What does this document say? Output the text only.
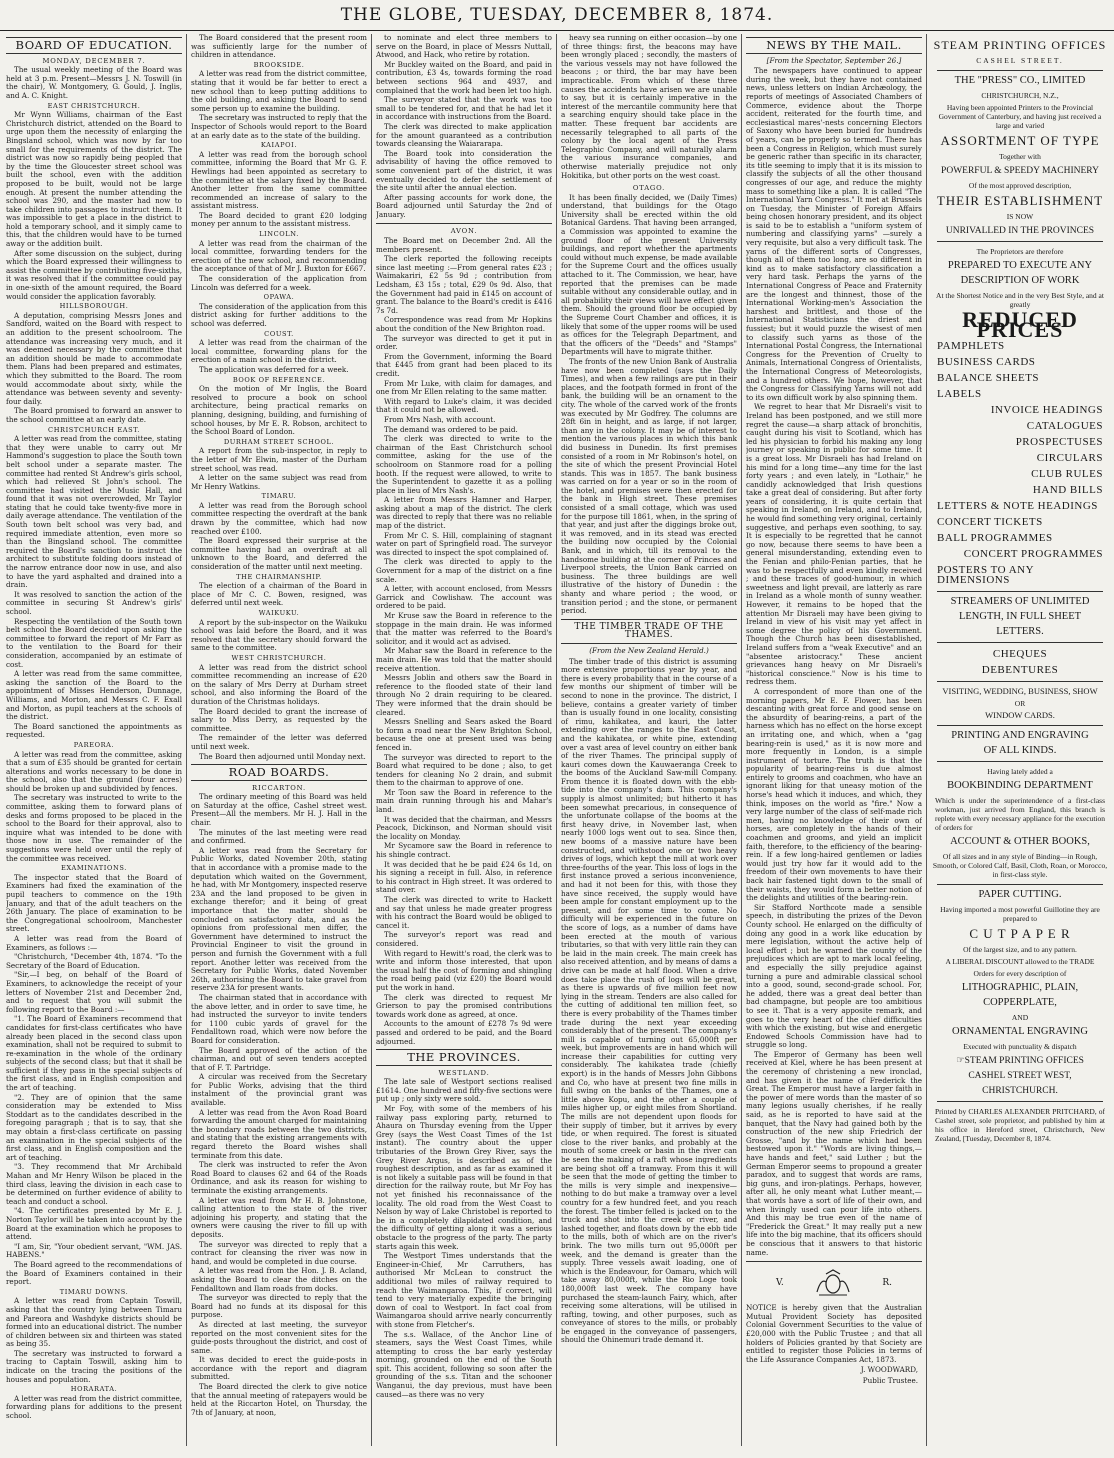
THE GLOBE, TUESDAY, DECEMBER 8, 1874.
BOARD OF EDUCATION.
MONDAY, DECEMBER 7.

The usual weekly meeting of the Board was held at 3 p.m. Present—Messrs J. N. Toswill (in the chair), W. Montgomery, G. Gould, J. Inglis, and A. C. Knight.

EAST CHRISTCHURCH.

Mr Wynn Williams, chairman of the East Christchurch district, attended on the Board to urge upon them the necessity of enlarging the Bingsland school, which was now by far too small for the requirements of the district. The district was now so rapidly being peopled that by the time the Gloucester street school was built the school, even with the addition proposed to be built, would not be large enough. At present the number attending the school was 290, and the master had now to take children into passages to instruct them. It was impossible to get a place in the district to hold a temporary school, and it simply came to this, that the children would have to be turned away or the addition built.

After some discussion on the subject, during which the Board expressed their willingness to assist the committee by contributing five-sixths, it was resolved that if the committee could pay in one-sixth of the amount required, the Board would consider the application favorably.

HILLSBOROUGH.

A deputation, comprising Messrs Jones and Sandford, waited on the Board with respect to an addition to the present schoolroom. The attendance was increasing very much, and it was deemed necessary by the committee that an addition should be made to accommodate them. Plans had been prepared and estimates, which they submitted to the Board. The room would accommodate about sixty, while the attendance was between seventy and seventy-four daily.

The Board promised to forward an answer to the school committee at an early date.

CHRISTCHURCH EAST.

A letter was read from the committee, stating that they were unable to carry out Mr Hammond's suggestion to place the South town belt school under a separate master. The committee had rented St Andrew's girls school, which had relieved St John's school. The committee had visited the Music Hall, and found that it was not overcrowded, Mr Taylor stating that he could take twenty-five more in daily average attendance. The ventilation of the South town belt school was very bad, and required immediate attention, even more so than the Bingsland school. The committee required the Board's sanction to instruct the architect to substitute folding doors instead of the narrow entrance door now in use, and also to have the yard asphalted and drained into a drain.

It was resolved to sanction the action of the committee in securing St Andrew's girls' school.

Respecting the ventilation of the South town belt school the Board decided upon asking the committee to forward the report of Mr Farr as to the ventilation to the Board for their consideration, accompanied by an estimate of cost.

A letter was read from the same committee, asking the sanction of the Board to the appointment of Misses Henderson, Dunnage, Williams, and Morton, and Messrs C. F. Exall and Morton, as pupil teachers at the schools of the district.

The Board sanctioned the appointments as requested.

PAREORA.

A letter was read from the committee, asking that a sum of £35 should be granted for certain alterations and works necessary to be done in the school, also that the ground (four acres) should be broken up and subdivided by fences.

The secretary was instructed to write to the committee, asking them to forward plans of desks and forms proposed to be placed in the school to the Board for their approval, also to inquire what was intended to be done with those now in use. The remainder of the suggestions were held over until the reply of the committee was received.

EXAMINATIONS.

The inspector stated that the Board of Examiners had fixed the examination of the pupil teachers to commence on the 19th January, and that of the adult teachers on the 26th January. The place of examination to be the Congregational schoolroom, Manchester street.

A letter was read from the Board of Examiners, as follows :—

"Christchurch, "December 4th, 1874. "To the Secretary of the Board of Education.

"Sir,—I beg, on behalf of the Board of Examiners, to acknowledge the receipt of your letters of November 21st and December 2nd, and to request that you will submit the following report to the Board :—

"1. The Board of Examiners recommend that candidates for first-class certificates who have already been placed in the second class upon examination, shall not be required to submit to re-examination in the whole of the ordinary subjects of the second class; but that it shall be sufficient if they pass in the special subjects of the first class, and in English composition and the art of teaching.

"2. They are of opinion that the same consideration may be extended to Miss Stoddart as to the candidates described in the foregoing paragraph ; that is to say, that she may obtain a first-class certificate on passing an examination in the special subjects of the first class, and in English composition and the art of teaching.

"3. They recommend that Mr Archibald Mahan and Mr Henry Wilson be placed in the third class, leaving the division in each case to be determined on further evidence of ability to teach and conduct a school.

"4. The certificates presented by Mr E. J. Norton Taylor will be taken into account by the Board at the examination which he proposes to attend.

"I am, Sir, "Your obedient servant, "WM. JAS. HABENS."

The Board agreed to the recommendations of the Board of Examiners contained in their report.

TIMARU DOWNS.

A letter was read from Captain Toswill, asking that the country lying between Timaru and Pareora and Washdyke districts should be formed into an educational district. The number of children between six and thirteen was stated as being 35.

The secretary was instructed to forward a tracing to Captain Toswill, asking him to indicate on the tracing the positions of the houses and population.

HORARATA.

A letter was read from the district committee, forwarding plans for additions to the present school.

The Board considered that the present room was sufficiently large for the number of children in attendance.

BROOKSIDE.

A letter was read from the district committee, stating that it would be far better to erect a new school than to keep putting additions to the old building, and asking the Board to send some person up to examine the building.

The secretary was instructed to reply that the Inspector of Schools would report to the Board at an early date as to the state of the building.

KAIAPOI.

A letter was read from the borough school committee, informing the Board that Mr G. F. Hewlings had been appointed as secretary to the committee at the salary fixed by the Board. Another letter from the same committee recommended an increase of salary to the assistant mistress.

The Board decided to grant £20 lodging money per annum to the assistant mistress.

LINCOLN.

A letter was read from the chairman of the local committee, forwarding tenders for the erection of the new school, and recommending the acceptance of that of Mr J. Buxton for £667.

The consideration of the application from Lincoln was deferred for a week.

OPAWA.

The consideration of the application from this district asking for further additions to the school was deferred.

COUST.

A letter was read from the chairman of the local committee, forwarding plans for the erection of a main school in the district.

The application was deferred for a week.

BOOK OF REFERENCE.

On the motion of Mr Inglis, the Board resolved to procure a book on school architecture, being practical remarks on planning, designing, building, and furnishing of school houses, by Mr E. R. Robson, architect to the School Board of London.

DURHAM STREET SCHOOL.

A report from the sub-inspector, in reply to the letter of Mr Elwin, master of the Durham street school, was read.

A letter on the same subject was read from Mr Henry Watkins.

TIMARU.

A letter was read from the Borough school committee respecting the overdraft at the bank drawn by the committee, which had now reached over £100.

The Board expressed their surprise at the committee having had an overdraft at all unknown to the Board, and deferred the consideration of the matter until next meeting.

THE CHAIRMANSHIP.

The election of a chairman of the Board in place of Mr C. C. Bowen, resigned, was deferred until next week.

WAIKUKU.

A report by the sub-inspector on the Waikuku school was laid before the Board, and it was resolved that the secretary should forward the same to the committee.

WEST CHRISTCHURCH.

A letter was read from the district school committee recommending an increase of £20 on the salary of Mrs Derry at Durham street school, and also informing the Board of the duration of the Christmas holidays.

The Board decided to grant the increase of salary to Miss Derry, as requested by the committee.

The remainder of the letter was deferred until next week.

The Board then adjourned until Monday next.

ROAD BOARDS.
RICCARTON.

The ordinary meeting of this Board was held on Saturday at the office, Cashel street west. Present—All the members. Mr H. J. Hall in the chair.

The minutes of the last meeting were read and confirmed.

A letter was read from the Secretary for Public Works, dated November 20th, stating that in accordance with a promise made to the deputation which waited on the Government, he had, with Mr Montgomery, inspected reserve 23A and the land proposed to be given in exchange therefor; and it being of great importance that the matter should be concluded on satisfactory data, and as the opinions from professional men differ, the Government have determined to instruct the Provincial Engineer to visit the ground in person and furnish the Government with a full report. Another letter was received from the Secretary for Public Works, dated November 26th, authorising the Board to take gravel from reserve 23A for present wants.

The chairman stated that in accordance with the above letter, and in order to save time, he had instructed the surveyor to invite tenders for 1100 cubic yards of gravel for the Fendalltown road, which were now before the Board for consideration.

The Board approved of the action of the chairman, and out of seven tenders accepted that of F. T. Partridge.

A circular was received from the Secretary for Public Works, advising that the third instalment of the provincial grant was available.

A letter was read from the Avon Road Board forwarding the amount charged for maintaining the boundary roads between the two districts, and stating that the existing arrangements with regard thereto the Board wishes shall terminate from this date.

The clerk was instructed to refer the Avon Road Board to clauses 62 and 64 of the Roads Ordinance, and ask its reason for wishing to terminate the existing arrangements.

A letter was read from Mr H. B. Johnstone, calling attention to the state of the river adjoining his property, and stating that the owners were causing the river to fill up with deposits.

The surveyor was directed to reply that a contract for cleansing the river was now in hand, and would be completed in due course.

A letter was read from the Hon. J. B. Acland, asking the Board to clear the ditches on the Fendalltown and Ilam roads from docks.

The surveyor was directed to reply that the Board had no funds at its disposal for this purpose.

As directed at last meeting, the surveyor reported on the most convenient sites for the guide-posts throughout the district, and cost of same.

It was decided to erect the guide-posts in accordance with the report and diagram submitted.

The Board directed the clerk to give notice that the annual meeting of ratepayers would be held at the Riccarton Hotel, on Thursday, the 7th of January, at noon,

to nominate and elect three members to serve on the Board, in place of Messrs Nuttall, Atwood, and Hack, who retire by rotation.

Mr Buckley waited on the Board, and paid in contribution, £3 4s, towards forming the road between sections 964 and 4937, and complained that the work had been let too high.

The surveyor stated that the work was too small to be tendered for, and that he had let it in accordance with instructions from the Board.

The clerk was directed to make application for the amount guaranteed as a contribution towards cleansing the Waiararapa.

The Board took into consideration the advisability of having the office removed to some convenient part of the district, it was eventually decided to defer the settlement of the site until after the annual election.

After passing accounts for work done, the Board adjourned until Saturday the 2nd of January.

AVON.

The Board met on December 2nd. All the members present.

The clerk reported the following receipts since last meeting :—From general rates £23 ; Waimakariri, £2 5s 9d ; contribution from Ledsham, £3 15s ; total, £29 0s 9d. Also, that the Government had paid in £145 on account of grant. The balance to the Board's credit is £416 7s 7d.

Correspondence was read from Mr Hopkins about the condition of the New Brighton road.

The surveyor was directed to get it put in order.

From the Government, informing the Board that £445 from grant had been placed to its credit.

From Mr Luke, with claim for damages, and one from Mr Ellen relating to the same matter.

With regard to Luke's claim, it was decided that it could not be allowed.

From Mrs Nash, with account.

The demand was ordered to be paid.

The clerk was directed to write to the chairman of the East Christchurch school committee, asking for the use of the schoolroom on Stanmore road for a polling booth. If the request were allowed, to write to the Superintendent to gazette it as a polling place in lieu of Mrs Nash's.

A letter from Messrs Hamner and Harper, asking about a map of the district. The clerk was directed to reply that there was no reliable map of the district.

From Mr C. S. Hill, complaining of stagnant water on part of Springfield road. The surveyor was directed to inspect the spot complained of.

The clerk was directed to apply to the Government for a map of the district on a fine scale.

A letter, with account enclosed, from Messrs Garrick and Cowlishaw. The account was ordered to be paid.

Mr Kruse saw the Board in reference to the stoppage in the main drain. He was informed that the matter was referred to the Board's solicitor, and it would act as advised.

Mr Mahar saw the Board in reference to the main drain. He was told that the matter should receive attention.

Messrs Joblin and others saw the Board in reference to the flooded state of their land through No 2 drain requiring to be cleared. They were informed that the drain should be cleared.

Messrs Snelling and Sears asked the Board to form a road near the New Brighton School, because the one at present used was being fenced in.

The surveyor was directed to report to the Board what required to be done ; also, to get tenders for cleaning No 2 drain, and submit them to the chairman to approve of one.

Mr Toon saw the Board in reference to the main drain running through his and Mahar's land.

It was decided that the chairman, and Messrs Peacock, Dickinson, and Norman should visit the locality on Monday.

Mr Sycamore saw the Board in reference to his shingle contract.

It was decided that he be paid £24 6s 1d, on his signing a receipt in full. Also, in reference to his contract in High street. It was ordered to stand over.

The clerk was directed to write to Hackett and say that unless he made greater progress with his contract the Board would be obliged to cancel it.

The surveyor's report was read and considered.

With regard to Hewitt's road, the clerk was to write and inform those interested, that upon the usual half the cost of forming and shingling the road being paid (viz £20) the Board would put the work in hand.

The clerk was directed to request Mr Grierson to pay the promised contributions towards work done as agreed, at once.

Accounts to the amount of £278 7s 9d were passed and ordered to be paid, and the Board adjourned.

THE PROVINCES.
WESTLAND.

The late sale of Westport sections realised £1614. One hundred and fifty-five sections were put up ; only sixty were sold.

Mr Foy, with some of the members of his railway pass exploring party, returned to Ahaura on Thursday evening from the Upper Grey (says the West Coast Times of the 1st instant). The country about the upper tributaries of the Brown Grey River, says the Grey River Argus, is described as of the roughest description, and as far as examined it is not likely a suitable pass will be found in that direction for the railway route, but Mr Foy has not yet finished his reconnaissance of the locality. The old road from the West Coast to Nelson by way of Lake Christobel is reported to be in a completely dilapidated condition, and the difficulty of getting along it was a serious obstacle to the progress of the party. The party starts again this week.

The Westport Times understands that the Engineer-in-Chief, Mr Carruthers, has authorised Mr McLean to construct the additional two miles of railway required to reach the Waimangaroa. This, if correct, will tend to very materially expedite the bringing down of coal to Westport. In fact coal from Waimangaroa should arrive nearly concurrently with stone from Fletcher's.

The s.s. Wallace, of the Anchor Line of steamers, says the West Coast Times, while attempting to cross the bar early yesterday morning, grounded on the end of the South spit. This accident, following so soon after the grounding of the s.s. Titan and the schooner Wanganui, the day previous, must have been caused—as there was no very

heavy sea running on either occasion—by one of three things: first, the beacons may have been wrongly placed ; secondly, the masters of the various vessels may not have followed the beacons ; or third, the bar may have been impracticable. From which of these three causes the accidents have arisen we are unable to say, but it is certainly imperative in the interest of the mercantile community here that a searching enquiry should take place in the matter. These frequent bar accidents are necessarily telegraphed to all parts of the colony by the local agent of the Press Telegraphic Company, and will naturally alarm the various insurance companies, and otherwise materially prejudice not only Hokitika, but other ports on the west coast.

OTAGO.

It has been finally decided, we (Daily Times) understand, that buildings for the Otago University shall be erected within the old Botanical Gardens. That having been arranged, a Commission was appointed to examine the ground floor of the present University buildings, and report whether the apartments could without much expense, be made available for the Supreme Court and the offices usually attached to it. The Commission, we hear, have reported that the premises can be made suitable without any considerable outlay, and in all probability their views will have effect given them. Should the ground floor be occupied by the Supreme Court Chamber and offices, it is likely that some of the upper rooms will be used as offices for the Telegraph Department, and that the officers of the "Deeds" and "Stamps" Departments will have to migrate thither.

The fronts of the new Union Bank of Australia have now been completed (says the Daily Times), and when a few railings are put in their places, and the footpath formed in front of the bank, the building will be an ornament to the city. The whole of the carved work of the fronts was executed by Mr Godfrey. The columns are 28ft 6in in height, and as large, if not larger, than any in the colony. It may be of interest to mention the various places in which this bank did business in Dunedin. Its first premises consisted of a room in Mr Robinson's hotel, on the site of which the present Provincial Hotel stands. This was in 1857. The bank business was carried on for a year or so in the room of the hotel, and premises were then erected for the bank in High street. These premises consisted of a small cottage, which was used for the purpose till 1861, when, in the spring of that year, and just after the diggings broke out, it was removed, and in its stead was erected the building now occupied by the Colonial Bank, and in which, till its removal to the handsome building at the corner of Princes and Liverpool streets, the Union Bank carried on business. The three buildings are well illustrative of the history of Dunedin : the shanty and whare period ; the wood, or transition period ; and the stone, or permanent period.

THE TIMBER TRADE OF THE THAMES.
(From the New Zealand Herald.)

The timber trade of this district is assuming more extensive proportions year by year, and there is every probability that in the course of a few months our shipment of timber will be second to none in the province. The district, I believe, contains a greater variety of timber than is usually found in one locality, consisting of rimu, kahikatea, and kauri, the latter extending over the ranges to the East Coast, and the kahikatea, or white pine, extending over a vast area of level country on either bank of the river Thames. The principal supply of kauri comes down the Kauwaeranga Creek to the booms of the Auckland Saw-mill Company. From thence it is floated down with the ebb-tide into the company's dam. This company's supply is almost unlimited; but hitherto it has been somewhat precarious, in consequence of the unfortunate collapse of the booms at the first heavy drive, in November last, when nearly 1000 logs went out to sea. Since then, new booms of a massive nature have been constructed, and withstood one or two heavy drives of logs, which kept the mill at work over three-fourths of the year. This loss of logs in the first instance proved a serious inconvenience, and had it not been for this, with those they have since received, the supply would have been ample for constant employment up to the present, and for some time to come. No difficulty will be experienced in the future on the score of logs, as a number of dams have been erected at the mouth of various tributaries, so that with very little rain they can be laid in the main creek. The main creek has also received attention, and by means of dams a drive can be made at half flood. When a drive does take place the rush of logs will be great, as there is upwards of five million feet now lying in the stream. Tenders are also called for the cutting of additional ten million feet, so there is every probability of the Thames timber trade during the next year exceeding considerably that of the present. The company's mill is capable of turning out 65,000ft per week, but improvements are in hand which will increase their capabilities for cutting very considerably. The kahikatea trade (chiefly export) is in the hands of Messrs John Gibbons and Co, who have at present two fine mills in full swing on the banks of the Thames, one a little above Kopu, and the other a couple of miles higher up, or eight miles from Shortland. The mills are not dependent upon floods for their supply of timber, but it arrives by every tide, or when required. The forest is situated close to the river banks, and probably at the mouth of some creek or basin in the river can be seen the making of a raft whose ingredients are being shot off a tramway. From this it will be seen that the mode of getting the timber to the mills is very simple and inexpensive—nothing to do but make a tramway over a level country for a few hundred feet, and you reach the forest. The timber felled is jacked on to the truck and shot into the creek or river, and lashed together, and floats down by the ebb tide to the mills, both of which are on the river's brink. The two mills turn out 95,000ft per week, and the demand is greater than the supply. Three vessels await loading, one of which is the Endeavour, for Oamaru, which will take away 80,000ft, while the Rio Loge took 180,000ft last week. The company have purchased the steam-launch Fairy, which, after receiving some alterations, will be utilised in rafting, towing, and other purposes, such as conveyance of stores to the mills, or probably be engaged in the conveyance of passengers, should the Ohinemuri trade demand it.

NEWS BY THE MAIL.
[From the Spectator, September 26.]

The newspapers have continued to appear during the week, but they have not contained news, unless letters on Indian Archæology, the reports of meetings of Associated Chambers of Commerce, evidence about the Thorpe accident, reiterated for the fourth time, and ecclesiastical mares'-nests concerning Electors of Saxony who have been buried for hundreds of years, can be properly so termed. There has been a Congress in Religion, which must surely be generic rather than specific in its character, its title seeming to imply that it is its mission to classify the subjects of all the other thousand congresses of our age, and reduce the mighty mass to something like a plan. It is called "The International Yarn Congress." It met at Brussels on Tuesday, the Minister of Foreign Affairs being chosen honorary president, and its object is said to be to establish a "uniform system of numbering and classifying yarns" —surely a very requisite, but also a very difficult task. The yarns of the different sorts of Congresses, though all of them too long, are so different in kind as to make satisfactory classification a very hard task. Perhaps the yarns of the International Congress of Peace and Fraternity are the longest and thinnest, those of the International Working-men's Association the harshest and brittlest, and those of the International Statisticians the driest and fussiest; but it would puzzle the wisest of men to classify such yarns as those of the International Postal Congress, the International Congress for the Prevention of Cruelty to Animals, International Congress of Orientalists, the International Congress of Meteorologists, and a hundred others. We hope, however, that the Congress for Classifying Yarns will not add to its own difficult work by also spinning them.

We regret to hear that Mr Disraeli's visit to Ireland has been postponed, and we still more regret the cause—a sharp attack of bronchitis, caught during his visit to Scotland, which has led his physician to forbid his making any long journey or speaking in public for some time. It is a great loss. Mr Disraeli has had Ireland on his mind for a long time—any time for the last forty years ; and even lately, in "Lothair," he candidly acknowledged that Irish questions take a great deal of considering. But after forty years of considering, it is quite certain that speaking in Ireland, on Ireland, and to Ireland, he would find something very original, certainly suggestive, and perhaps even soothing, to say. It is especially to be regretted that he cannot go now, because there seems to have been a general misunderstanding, extending even to the Fenian and philo-Fenian parties, that he was to be respectfully and even kindly received ; and these traces of good-humour, in which sweetness and light prevail, are latterly as rare in Ireland as a whole month of sunny weather. However, it remains to be hoped that the attention Mr Disraeli may have been giving to Ireland in view of his visit may yet affect in some degree the policy of his Government. Though the Church has been disestablished, Ireland suffers from a "weak Executive" and an "absentee aristocracy." These ancient grievances hang heavy on Mr Disraeli's "historical conscience." Now is his time to redress them.

A correspondent of more than one of the morning papers, Mr E. F. Flower, has been descanting with great force and good sense on the absurdity of bearing-reins, a part of the harness which has no effect on the horse except an irritating one, and which, when a "gag bearing-rein is used," as it is now more and more frequently in London, is a simple instrument of torture. The truth is that the popularity of bearing-reins is due almost entirely to grooms and coachmen, who have an ignorant liking for that uneasy motion of the horse's head which it induces, and which, they think, imposes on the world as "fire." Now a very large number of the class of self-made rich men, having no knowledge of their own of horses, are completely in the hands of their coachmen and grooms, and yield an implicit faith, therefore, to the efficiency of the bearing-rein. If a few long-haired gentlemen or ladies would just try how far it would add to the freedom of their own movements to have their back hair fastened tight down to the small of their waists, they would form a better notion of the delights and utilities of the bearing-rein.

Sir Stafford Northcote made a sensible speech, in distributing the prizes of the Devon County school. He enlarged on the difficulty of doing any good in a work like education by mere legislation, without the active help of local effort ; but he warned the county of the prejudices which are apt to mark local feeling, and especially the silly prejudice against turning a pure and admirable classical school into a good, sound, second-grade school. For, he added, there was a great deal better than bad champagne, but people are too ambitious to see it. That is a very apposite remark, and goes to the very heart of the chief difficulties with which the existing, but wise and energetic Endowed Schools Commission have had to struggle so long.

The Emperor of Germany has been well received at Kiel, where he has been present at the ceremony of christening a new ironclad, and has given it the name of Frederick the Great. The Emperor must have a larger faith in the power of mere words than the master of so many legions usually cherishes, if he really said, as he is reported to have said at the banquet, that the Navy had gained both by the construction of the new ship Friedrich der Grosse, "and by the name which had been bestowed upon it." "Words are living things,—have hands and feet," said Luther ; but the German Emperor seems to propound a greater paradox, and to suggest that words are rams, big guns, and iron-platings. Perhaps, however, after all, he only meant what Luther meant,—that words have a sort of life of their own, and when livingly used can pour life into others. And this may be true even of the name of "Frederick the Great." It may really put a new life into the big machine, that its officers should be conscious that it answers to that historic name.

V.	R.
NOTICE is hereby given that the Australian Mutual Provident Society has deposited Colonial Government Securities to the value of £20,000 with the Public Trustee ; and that all holders of Policies granted by that Society are entitled to register those Policies in terms of the Life Assurance Companies Act, 1873.
J. WOODWARD,
Public Trustee.
STEAM PRINTING OFFICES
CASHEL STREET.
THE "PRESS" CO., LIMITED
CHRISTCHURCH, N.Z.,
Having been appointed Printers to the Provincial Government of Canterbury, and having just received a large and varied
ASSORTMENT OF TYPE
Together with
POWERFUL & SPEEDY MACHINERY
Of the most approved description,
THEIR ESTABLISHMENT
IS NOW
UNRIVALLED IN THE PROVINCES
The Proprietors are therefore
PREPARED TO EXECUTE ANY
DESCRIPTION OF WORK
At the Shortest Notice and in the very Best Style, and at greatly
REDUCED PRICES
PAMPHLETS
BUSINESS CARDS
BALANCE SHEETS
LABELS
INVOICE HEADINGS
CATALOGUES
PROSPECTUSES
CIRCULARS
CLUB RULES
HAND BILLS
LETTERS & NOTE HEADINGS
CONCERT TICKETS
BALL PROGRAMMES
CONCERT PROGRAMMES
POSTERS TO ANY DIMENSIONS
STREAMERS OF UNLIMITED
LENGTH, IN FULL SHEET
LETTERS.
CHEQUES
DEBENTURES
VISITING, WEDDING, BUSINESS, SHOW
OR
WINDOW CARDS.
PRINTING AND ENGRAVING
OF ALL KINDS.
Having lately added a
BOOKBINDING DEPARTMENT
Which is under the superintendence of a first-class workman, just arrived from England, this branch is replete with every necessary appliance for the execution of orders for
ACCOUNT & OTHER BOOKS,
Of all sizes and in any style of Binding—in Rough, Smooth, or Colored Calf, Basil, Cloth, Roan, or Morocco, in first-class style.
PAPER CUTTING.
Having imported a most powerful Guillotine they are prepared to
C U T P A P E R
Of the largest size, and to any pattern.
A LIBERAL DISCOUNT allowed to the TRADE
Orders for every description of
LITHOGRAPHIC, PLAIN,
COPPERPLATE,
AND
ORNAMENTAL ENGRAVING
Executed with punctuality & dispatch
☞STEAM PRINTING OFFICES
CASHEL STREET WEST,
CHRISTCHURCH.
Printed by CHARLES ALEXANDER PRITCHARD, of Cashel street, sole proprietor, and published by him at his office in Hereford street, Christchurch, New Zealand, [Tuesday, December 8, 1874.
